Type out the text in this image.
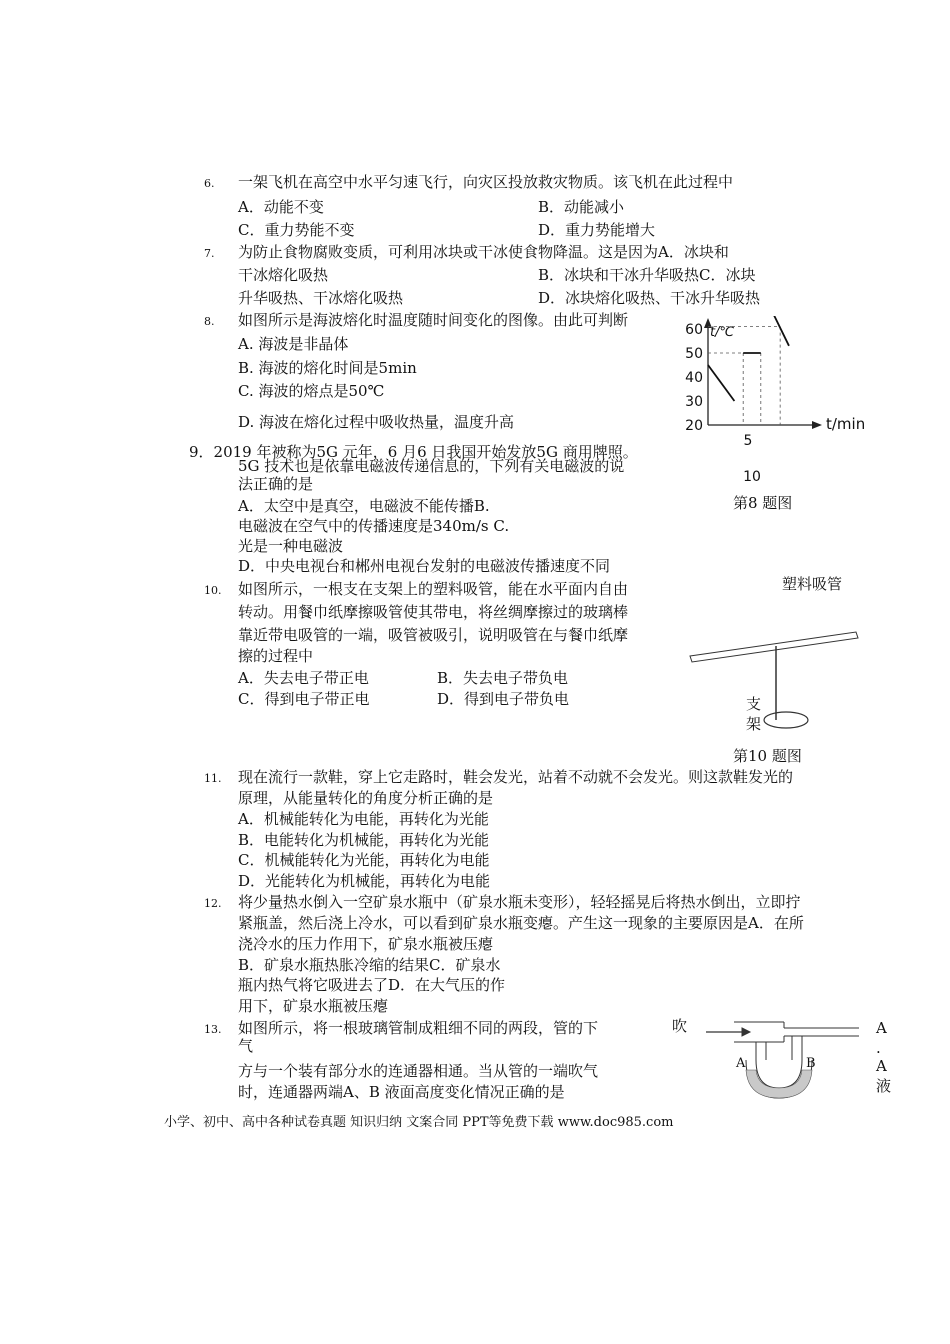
6. 一架飞机在高空中水平匀速飞行，向灾区投放救灾物质。该飞机在此过程中
A．动能不变	B．动能减小
C．重力势能不变	D．重力势能增大
7. 为防止食物腐败变质，可利用冰块或干冰使食物降温。这是因为A．冰块和
干冰熔化吸热	B．冰块和干冰升华吸热C．冰块
升华吸热、干冰熔化吸热	D．冰块熔化吸热、干冰升华吸热
8. 如图所示是海波熔化时温度随时间变化的图像。由此可判断
A. 海波是非晶体
B. 海波的熔化时间是5min
C. 海波的熔点是50℃
D. 海波在熔化过程中吸收热量，温度升高	20
30
40
50
60
5
10
t/℃
t/min
第8 题图
9．2019 年被称为5G 元年，6 月6 日我国开始发放5G 商用牌照。
5G 技术也是依靠电磁波传递信息的，下列有关电磁波的说
法正确的是
A．太空中是真空，电磁波不能传播B.
电磁波在空气中的传播速度是340m/s C.
光是一种电磁波
D．中央电视台和郴州电视台发射的电磁波传播速度不同
10. 如图所示，一根支在支架上的塑料吸管，能在水平面内自由
转动。用餐巾纸摩擦吸管使其带电，将丝绸摩擦过的玻璃棒
靠近带电吸管的一端，吸管被吸引，说明吸管在与餐巾纸摩
擦的过程中
A．失去电子带正电	B．失去电子带负电
C．得到电子带正电	D．得到电子带负电
塑料吸管
支
架
第10 题图
11. 现在流行一款鞋，穿上它走路时，鞋会发光，站着不动就不会发光。则这款鞋发光的
原理，从能量转化的角度分析正确的是
A．机械能转化为电能，再转化为光能
B．电能转化为机械能，再转化为光能
C．机械能转化为光能，再转化为电能
D．光能转化为机械能，再转化为电能
12. 将少量热水倒入一空矿泉水瓶中（矿泉水瓶未变形），轻轻摇晃后将热水倒出，立即拧
紧瓶盖，然后浇上冷水，可以看到矿泉水瓶变瘪。产生这一现象的主要原因是A．在所
浇冷水的压力作用下，矿泉水瓶被压瘪
B．矿泉水瓶热胀冷缩的结果C．矿泉水
瓶内热气将它吸进去了D．在大气压的作
用下，矿泉水瓶被压瘪
13. 如图所示，将一根玻璃管制成粗细不同的两段，管的下
气
方与一个装有部分水的连通器相通。当从管的一端吹气
时，连通器两端A、B 液面高度变化情况正确的是
吹
A	B
A
.
A
液
小学、初中、高中各种试卷真题 知识归纳 文案合同 PPT等免费下载 www.doc985.com
